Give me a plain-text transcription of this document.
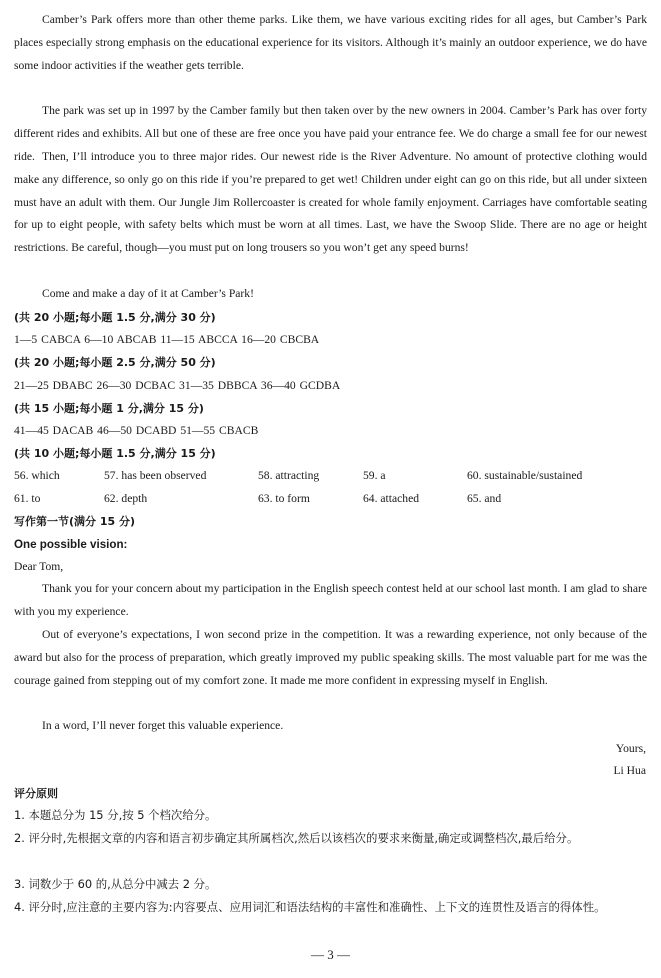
Camber’s Park offers more than other theme parks. Like them, we have various exciting rides for all ages, but Camber’s Park places especially strong emphasis on the educational experience for its visitors. Although it’s mainly an outdoor experience, we do have some indoor activities if the weather gets terrible.

The park was set up in 1997 by the Camber family but then taken over by the new owners in 2004. Camber’s Park has over forty different rides and exhibits. All but one of these are free once you have paid your entrance fee. We do charge a small fee for our newest ride. Then, I’ll introduce you to three major rides. Our newest ride is the River Adventure. No amount of protective clothing would make any difference, so only go on this ride if you’re prepared to get wet! Children under eight can go on this ride, but all under sixteen must have an adult with them. Our Jungle Jim Rollercoaster is created for whole family enjoyment. Carriages have comfortable seating for up to eight people, with safety belts which must be worn at all times. Last, we have the Swoop Slide. There are no age or height restrictions. Be careful, though—you must put on long trousers so you won’t get any speed burns!

Come and make a day of it at Camber’s Park!

(共 20 小题;每小题 1.5 分,满分 30 分)

1—5 CABCA 6—10 ABCAB 11—15 ABCCA 16—20 CBCBA

(共 20 小题;每小题 2.5 分,满分 50 分)

21—25 DBABC 26—30 DCBAC 31—35 DBBCA 36—40 GCDBA

(共 15 小题;每小题 1 分,满分 15 分)

41—45 DACAB 46—50 DCABD 51—55 CBACB

(共 10 小题;每小题 1.5 分,满分 15 分)

56. which	57. has been observed	58. attracting	59. a	60. sustainable/sustained
61. to	62. depth	63. to form	64. attached	65. and

写作第一节(满分 15 分)

One possible vision:

Dear Tom,

Thank you for your concern about my participation in the English speech contest held at our school last month. I am glad to share with you my experience.

Out of everyone’s expectations, I won second prize in the competition. It was a rewarding experience, not only because of the award but also for the process of preparation, which greatly improved my public speaking skills. The most valuable part for me was the courage gained from stepping out of my comfort zone. It made me more confident in expressing myself in English.

In a word, I’ll never forget this valuable experience.

Yours,

Li Hua

评分原则

1. 本题总分为 15 分,按 5 个档次给分。

2. 评分时,先根据文章的内容和语言初步确定其所属档次,然后以该档次的要求来衡量,确定或调整档次,最后给分。

3. 词数少于 60 的,从总分中减去 2 分。

4. 评分时,应注意的主要内容为:内容要点、应用词汇和语法结构的丰富性和准确性、上下文的连贯性及语言的得体性。

— 3 —
